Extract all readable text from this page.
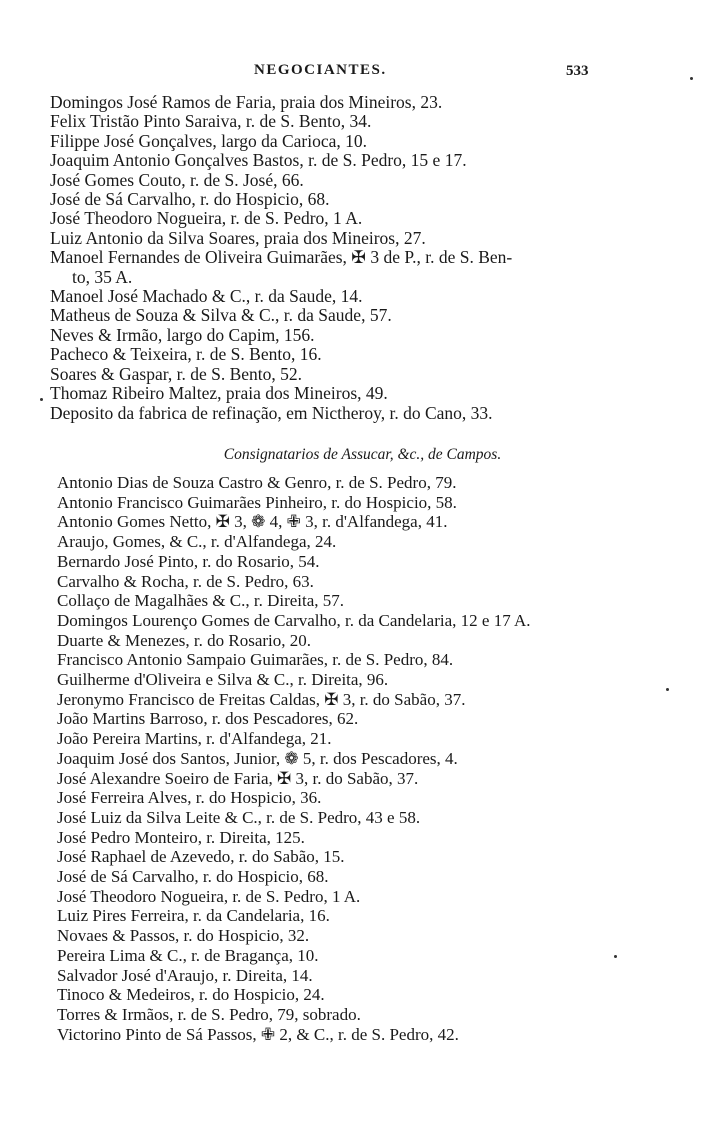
NEGOCIANTES.	533
Domingos José Ramos de Faria, praia dos Mineiros, 23.
Felix Tristão Pinto Saraiva, r. de S. Bento, 34.
Filippe José Gonçalves, largo da Carioca, 10.
Joaquim Antonio Gonçalves Bastos, r. de S. Pedro, 15 e 17.
José Gomes Couto, r. de S. José, 66.
José de Sá Carvalho, r. do Hospicio, 68.
José Theodoro Nogueira, r. de S. Pedro, 1 A.
Luiz Antonio da Silva Soares, praia dos Mineiros, 27.
Manoel Fernandes de Oliveira Guimarães, ✠ 3 de P., r. de S. Ben-
to, 35 A.
Manoel José Machado & C., r. da Saude, 14.
Matheus de Souza & Silva & C., r. da Saude, 57.
Neves & Irmão, largo do Capim, 156.
Pacheco & Teixeira, r. de S. Bento, 16.
Soares & Gaspar, r. de S. Bento, 52.
Thomaz Ribeiro Maltez, praia dos Mineiros, 49.
Deposito da fabrica de refinação, em Nictheroy, r. do Cano, 33.
Consignatarios de Assucar, &c., de Campos.
Antonio Dias de Souza Castro & Genro, r. de S. Pedro, 79.
Antonio Francisco Guimarães Pinheiro, r. do Hospicio, 58.
Antonio Gomes Netto, ✠ 3, ❁ 4, ✙ 3, r. d'Alfandega, 41.
Araujo, Gomes, & C., r. d'Alfandega, 24.
Bernardo José Pinto, r. do Rosario, 54.
Carvalho & Rocha, r. de S. Pedro, 63.
Collaço de Magalhães & C., r. Direita, 57.
Domingos Lourenço Gomes de Carvalho, r. da Candelaria, 12 e 17 A.
Duarte & Menezes, r. do Rosario, 20.
Francisco Antonio Sampaio Guimarães, r. de S. Pedro, 84.
Guilherme d'Oliveira e Silva & C., r. Direita, 96.
Jeronymo Francisco de Freitas Caldas, ✠ 3, r. do Sabão, 37.
João Martins Barroso, r. dos Pescadores, 62.
João Pereira Martins, r. d'Alfandega, 21.
Joaquim José dos Santos, Junior, ❁ 5, r. dos Pescadores, 4.
José Alexandre Soeiro de Faria, ✠ 3, r. do Sabão, 37.
José Ferreira Alves, r. do Hospicio, 36.
José Luiz da Silva Leite & C., r. de S. Pedro, 43 e 58.
José Pedro Monteiro, r. Direita, 125.
José Raphael de Azevedo, r. do Sabão, 15.
José de Sá Carvalho, r. do Hospicio, 68.
José Theodoro Nogueira, r. de S. Pedro, 1 A.
Luiz Pires Ferreira, r. da Candelaria, 16.
Novaes & Passos, r. do Hospicio, 32.
Pereira Lima & C., r. de Bragança, 10.
Salvador José d'Araujo, r. Direita, 14.
Tinoco & Medeiros, r. do Hospicio, 24.
Torres & Irmãos, r. de S. Pedro, 79, sobrado.
Victorino Pinto de Sá Passos, ✙ 2, & C., r. de S. Pedro, 42.
